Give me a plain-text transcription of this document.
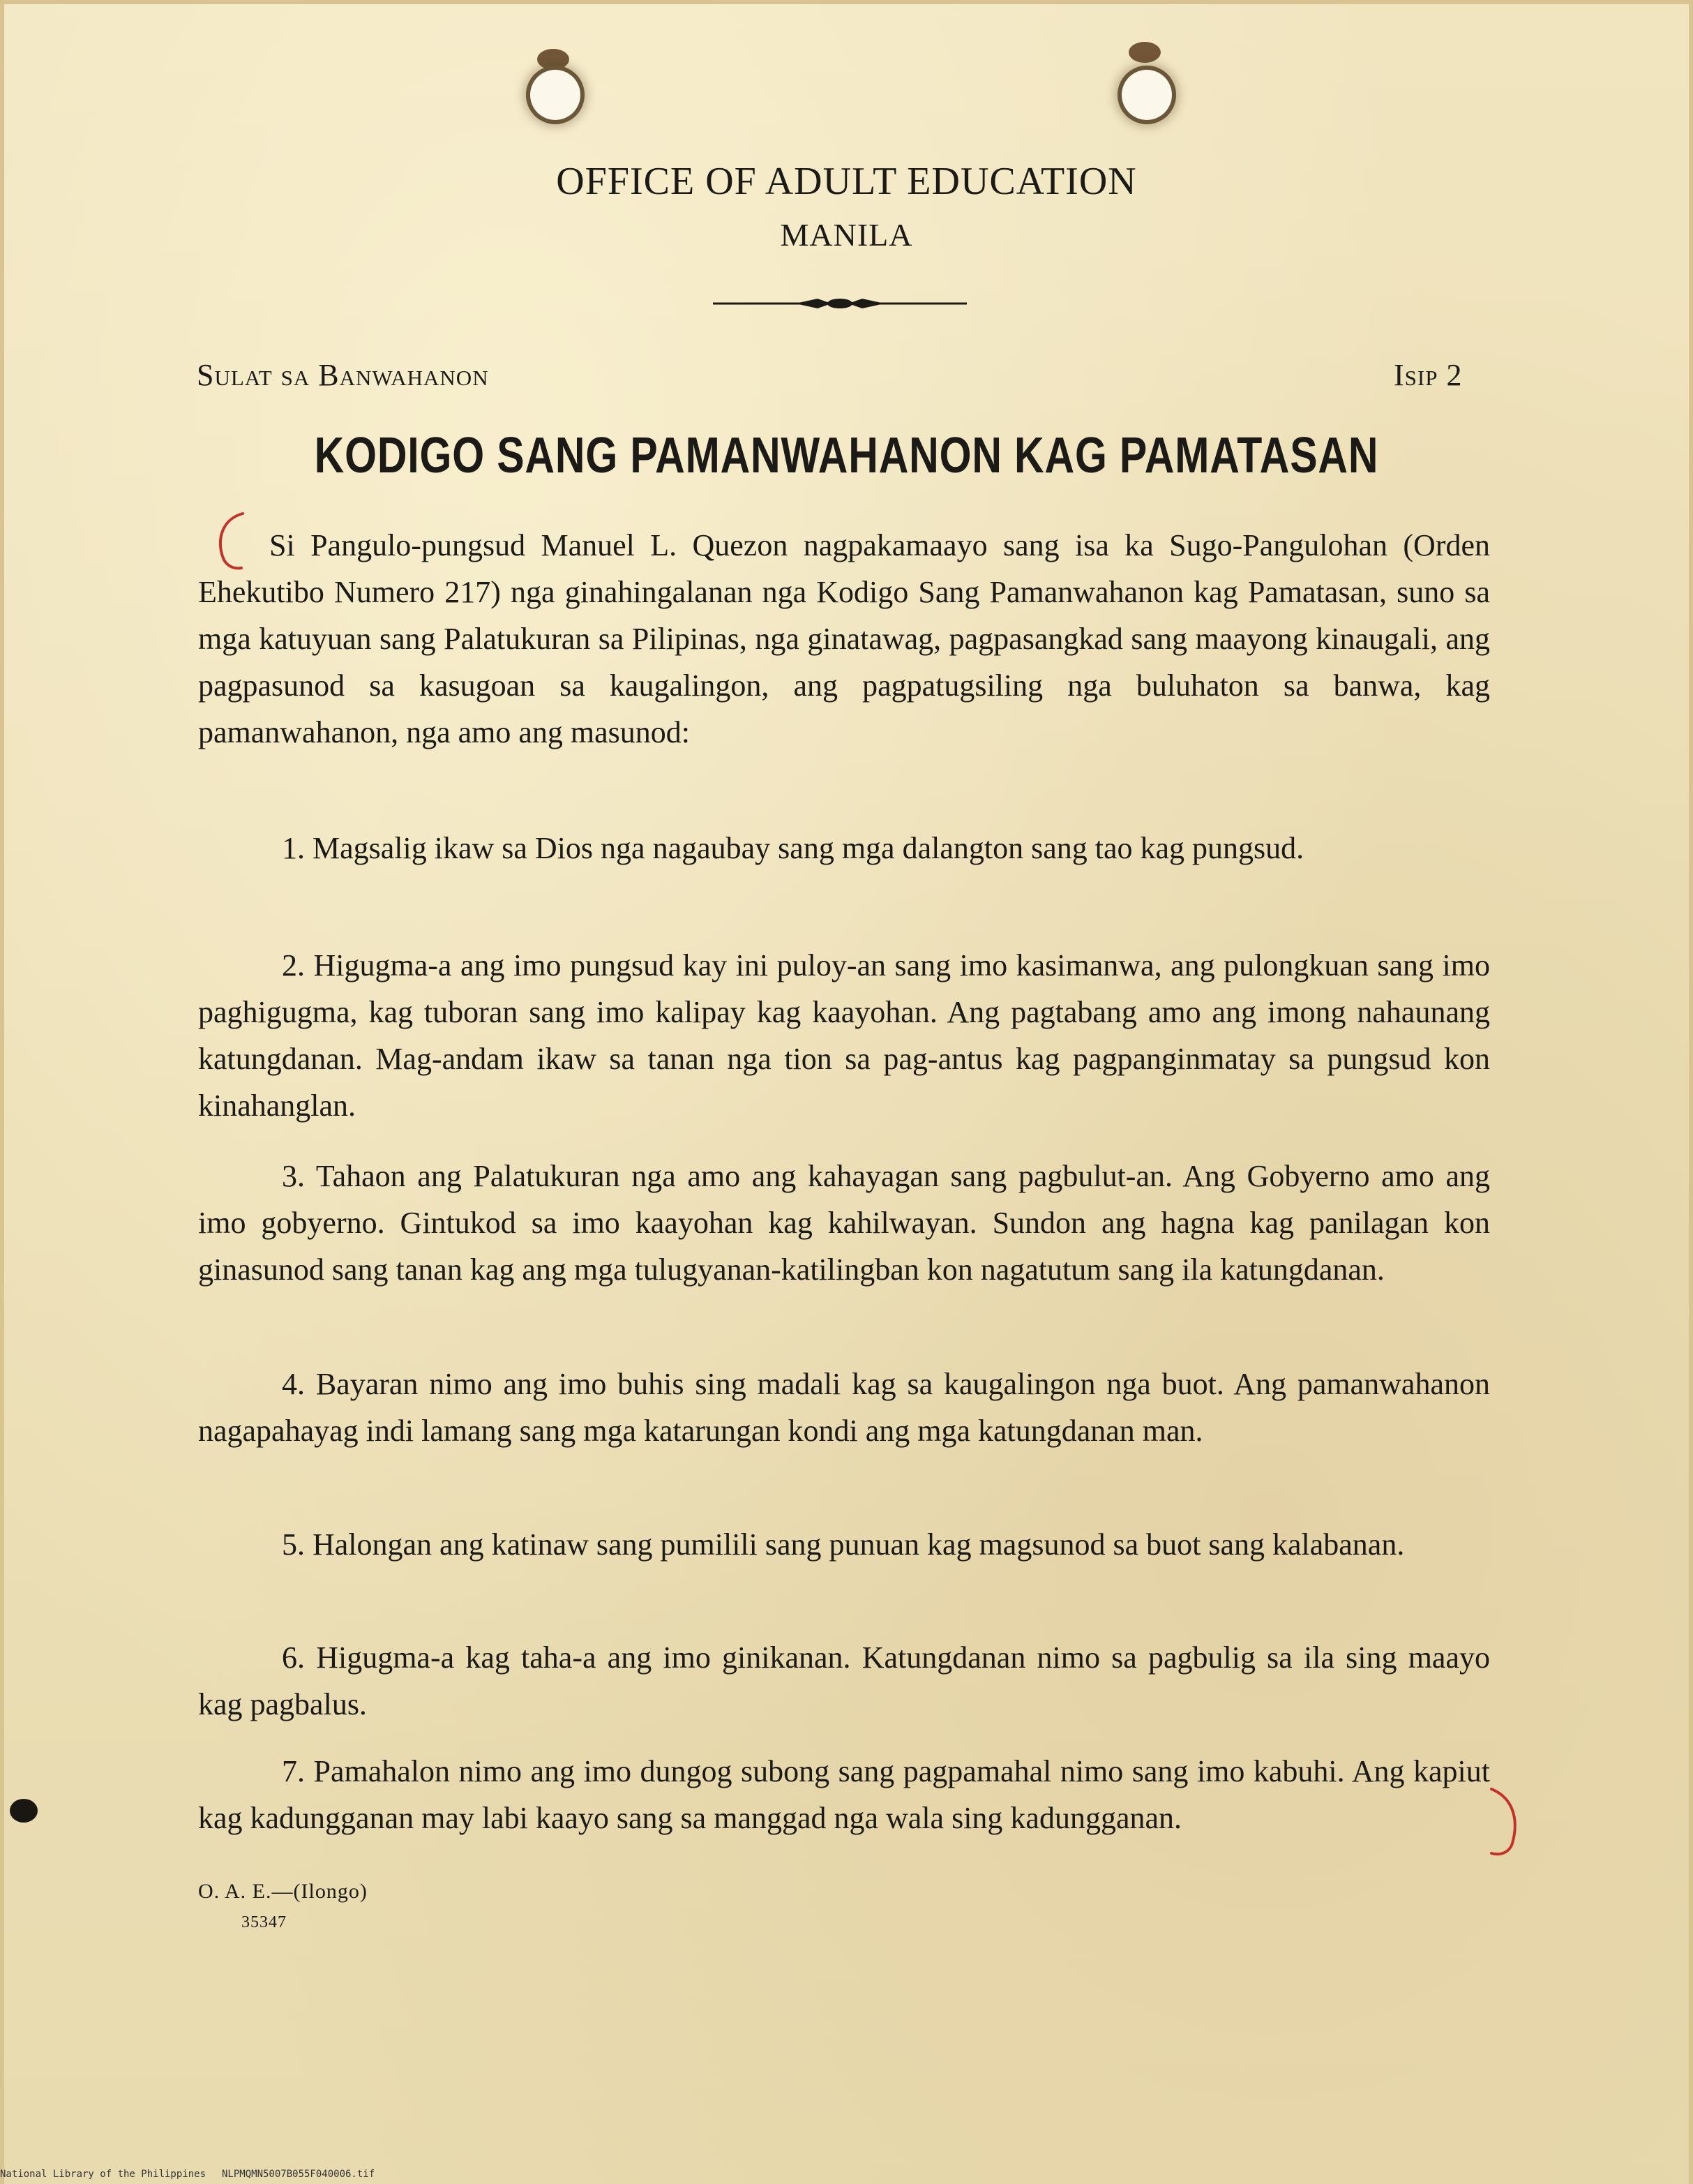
OFFICE OF ADULT EDUCATION
MANILA
Sulat sa Banwahanon	Isip 2
KODIGO SANG PAMANWAHANON KAG PAMATASAN

Si Pangulo-pungsud Manuel L. Quezon nagpakamaayo sang isa ka Sugo-Pangulohan (Orden Ehekutibo Numero 217) nga ginahingalanan nga Kodigo Sang Pamanwahanon kag Pamatasan, suno sa mga katuyuan sang Palatukuran sa Pilipinas, nga ginatawag, pagpasangkad sang maayong kinaugali, ang pagpasunod sa kasugoan sa kaugalingon, ang pagpatugsiling nga buluhaton sa banwa, kag pamanwahanon, nga amo ang masunod:

1. Magsalig ikaw sa Dios nga nagaubay sang mga dalangton sang tao kag pungsud.

2. Higugma-a ang imo pungsud kay ini puloy-an sang imo kasimanwa, ang pulongkuan sang imo paghigugma, kag tuboran sang imo kalipay kag kaayohan. Ang pagtabang amo ang imong nahaunang katungdanan. Mag-andam ikaw sa tanan nga tion sa pag-antus kag pagpanginmatay sa pungsud kon kinahanglan.

3. Tahaon ang Palatukuran nga amo ang kahayagan sang pagbulut-an. Ang Gobyerno amo ang imo gobyerno. Gintukod sa imo kaayohan kag kahilwayan. Sundon ang hagna kag panilagan kon ginasunod sang tanan kag ang mga tulugyanan-katilingban kon nagatutum sang ila katungdanan.

4. Bayaran nimo ang imo buhis sing madali kag sa kaugalingon nga buot. Ang pamanwahanon nagapahayag indi lamang sang mga katarungan kondi ang mga katungdanan man.

5. Halongan ang katinaw sang pumilili sang punuan kag magsunod sa buot sang kalabanan.

6. Higugma-a kag taha-a ang imo ginikanan. Katungdanan nimo sa pagbulig sa ila sing maayo kag pagbalus.

7. Pamahalon nimo ang imo dungog subong sang pagpamahal nimo sang imo kabuhi. Ang kapiut kag kadungganan may labi kaayo sang sa manggad nga wala sing kadungganan.

O. A. E.—(Ilongo)
35347
National Library of the Philippines NLPMQMN5007B055F040006.tif
